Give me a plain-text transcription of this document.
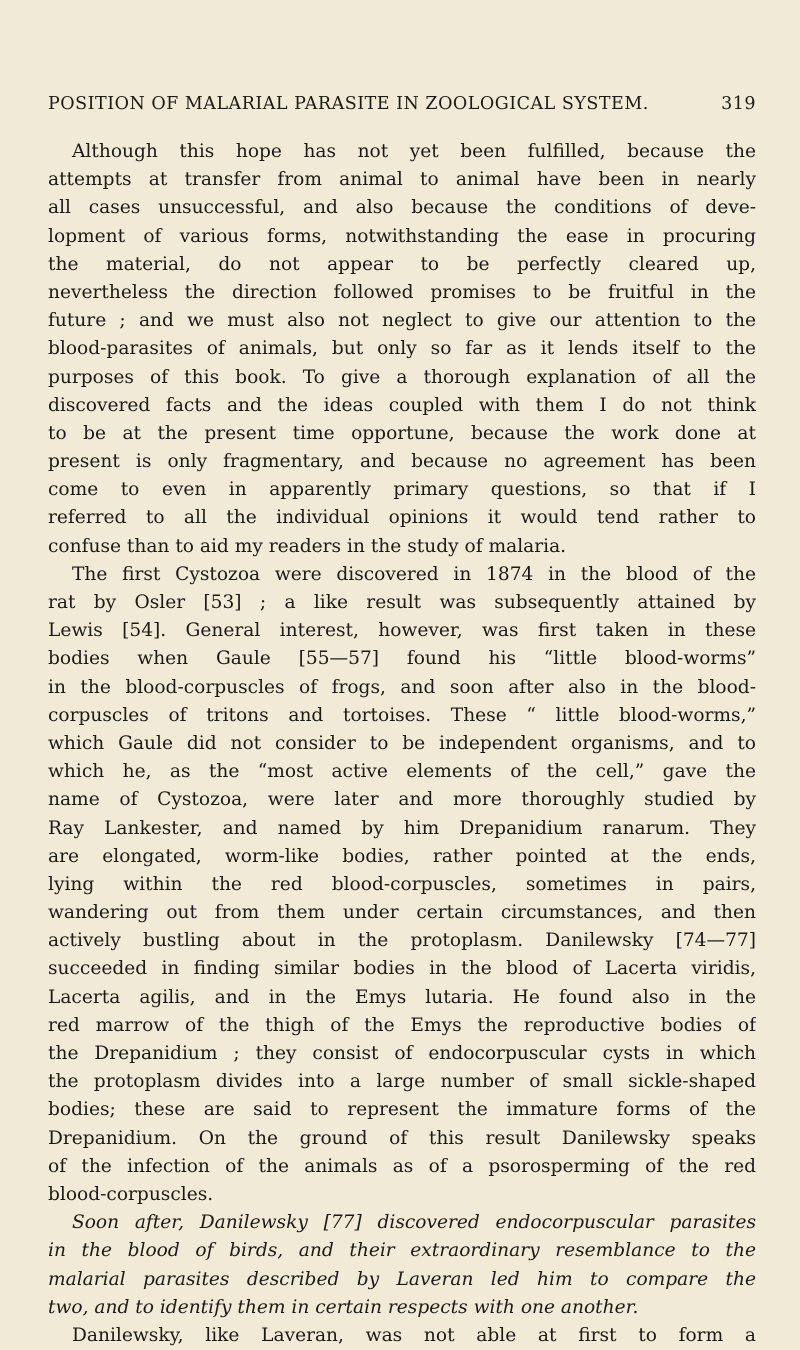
POSITION OF MALARIAL PARASITE IN ZOOLOGICAL SYSTEM.	319
Although this hope has not yet been fulfilled, because the
attempts at transfer from animal to animal have been in nearly
all cases unsuccessful, and also because the conditions of deve-
lopment of various forms, notwithstanding the ease in procuring
the material, do not appear to be perfectly cleared up,
nevertheless the direction followed promises to be fruitful in the
future ; and we must also not neglect to give our attention to the
blood-parasites of animals, but only so far as it lends itself to the
purposes of this book. To give a thorough explanation of all the
discovered facts and the ideas coupled with them I do not think
to be at the present time opportune, because the work done at
present is only fragmentary, and because no agreement has been
come to even in apparently primary questions, so that if I
referred to all the individual opinions it would tend rather to
confuse than to aid my readers in the study of malaria.
The first Cystozoa were discovered in 1874 in the blood of the
rat by Osler [53] ; a like result was subsequently attained by
Lewis [54]. General interest, however, was first taken in these
bodies when Gaule [55—57] found his “little blood-worms”
in the blood-corpuscles of frogs, and soon after also in the blood-
corpuscles of tritons and tortoises. These “ little blood-worms,”
which Gaule did not consider to be independent organisms, and to
which he, as the “most active elements of the cell,” gave the
name of Cystozoa, were later and more thoroughly studied by
Ray Lankester, and named by him Drepanidium ranarum. They
are elongated, worm-like bodies, rather pointed at the ends,
lying within the red blood-corpuscles, sometimes in pairs,
wandering out from them under certain circumstances, and then
actively bustling about in the protoplasm. Danilewsky [74—77]
succeeded in finding similar bodies in the blood of Lacerta viridis,
Lacerta agilis, and in the Emys lutaria. He found also in the
red marrow of the thigh of the Emys the reproductive bodies of
the Drepanidium ; they consist of endocorpuscular cysts in which
the protoplasm divides into a large number of small sickle-shaped
bodies; these are said to represent the immature forms of the
Drepanidium. On the ground of this result Danilewsky speaks
of the infection of the animals as of a psorosperming of the red
blood-corpuscles.
Soon after, Danilewsky [77] discovered endocorpuscular parasites
in the blood of birds, and their extraordinary resemblance to the
malarial parasites described by Laveran led him to compare the
two, and to identify them in certain respects with one another.
Danilewsky, like Laveran, was not able at first to form a
